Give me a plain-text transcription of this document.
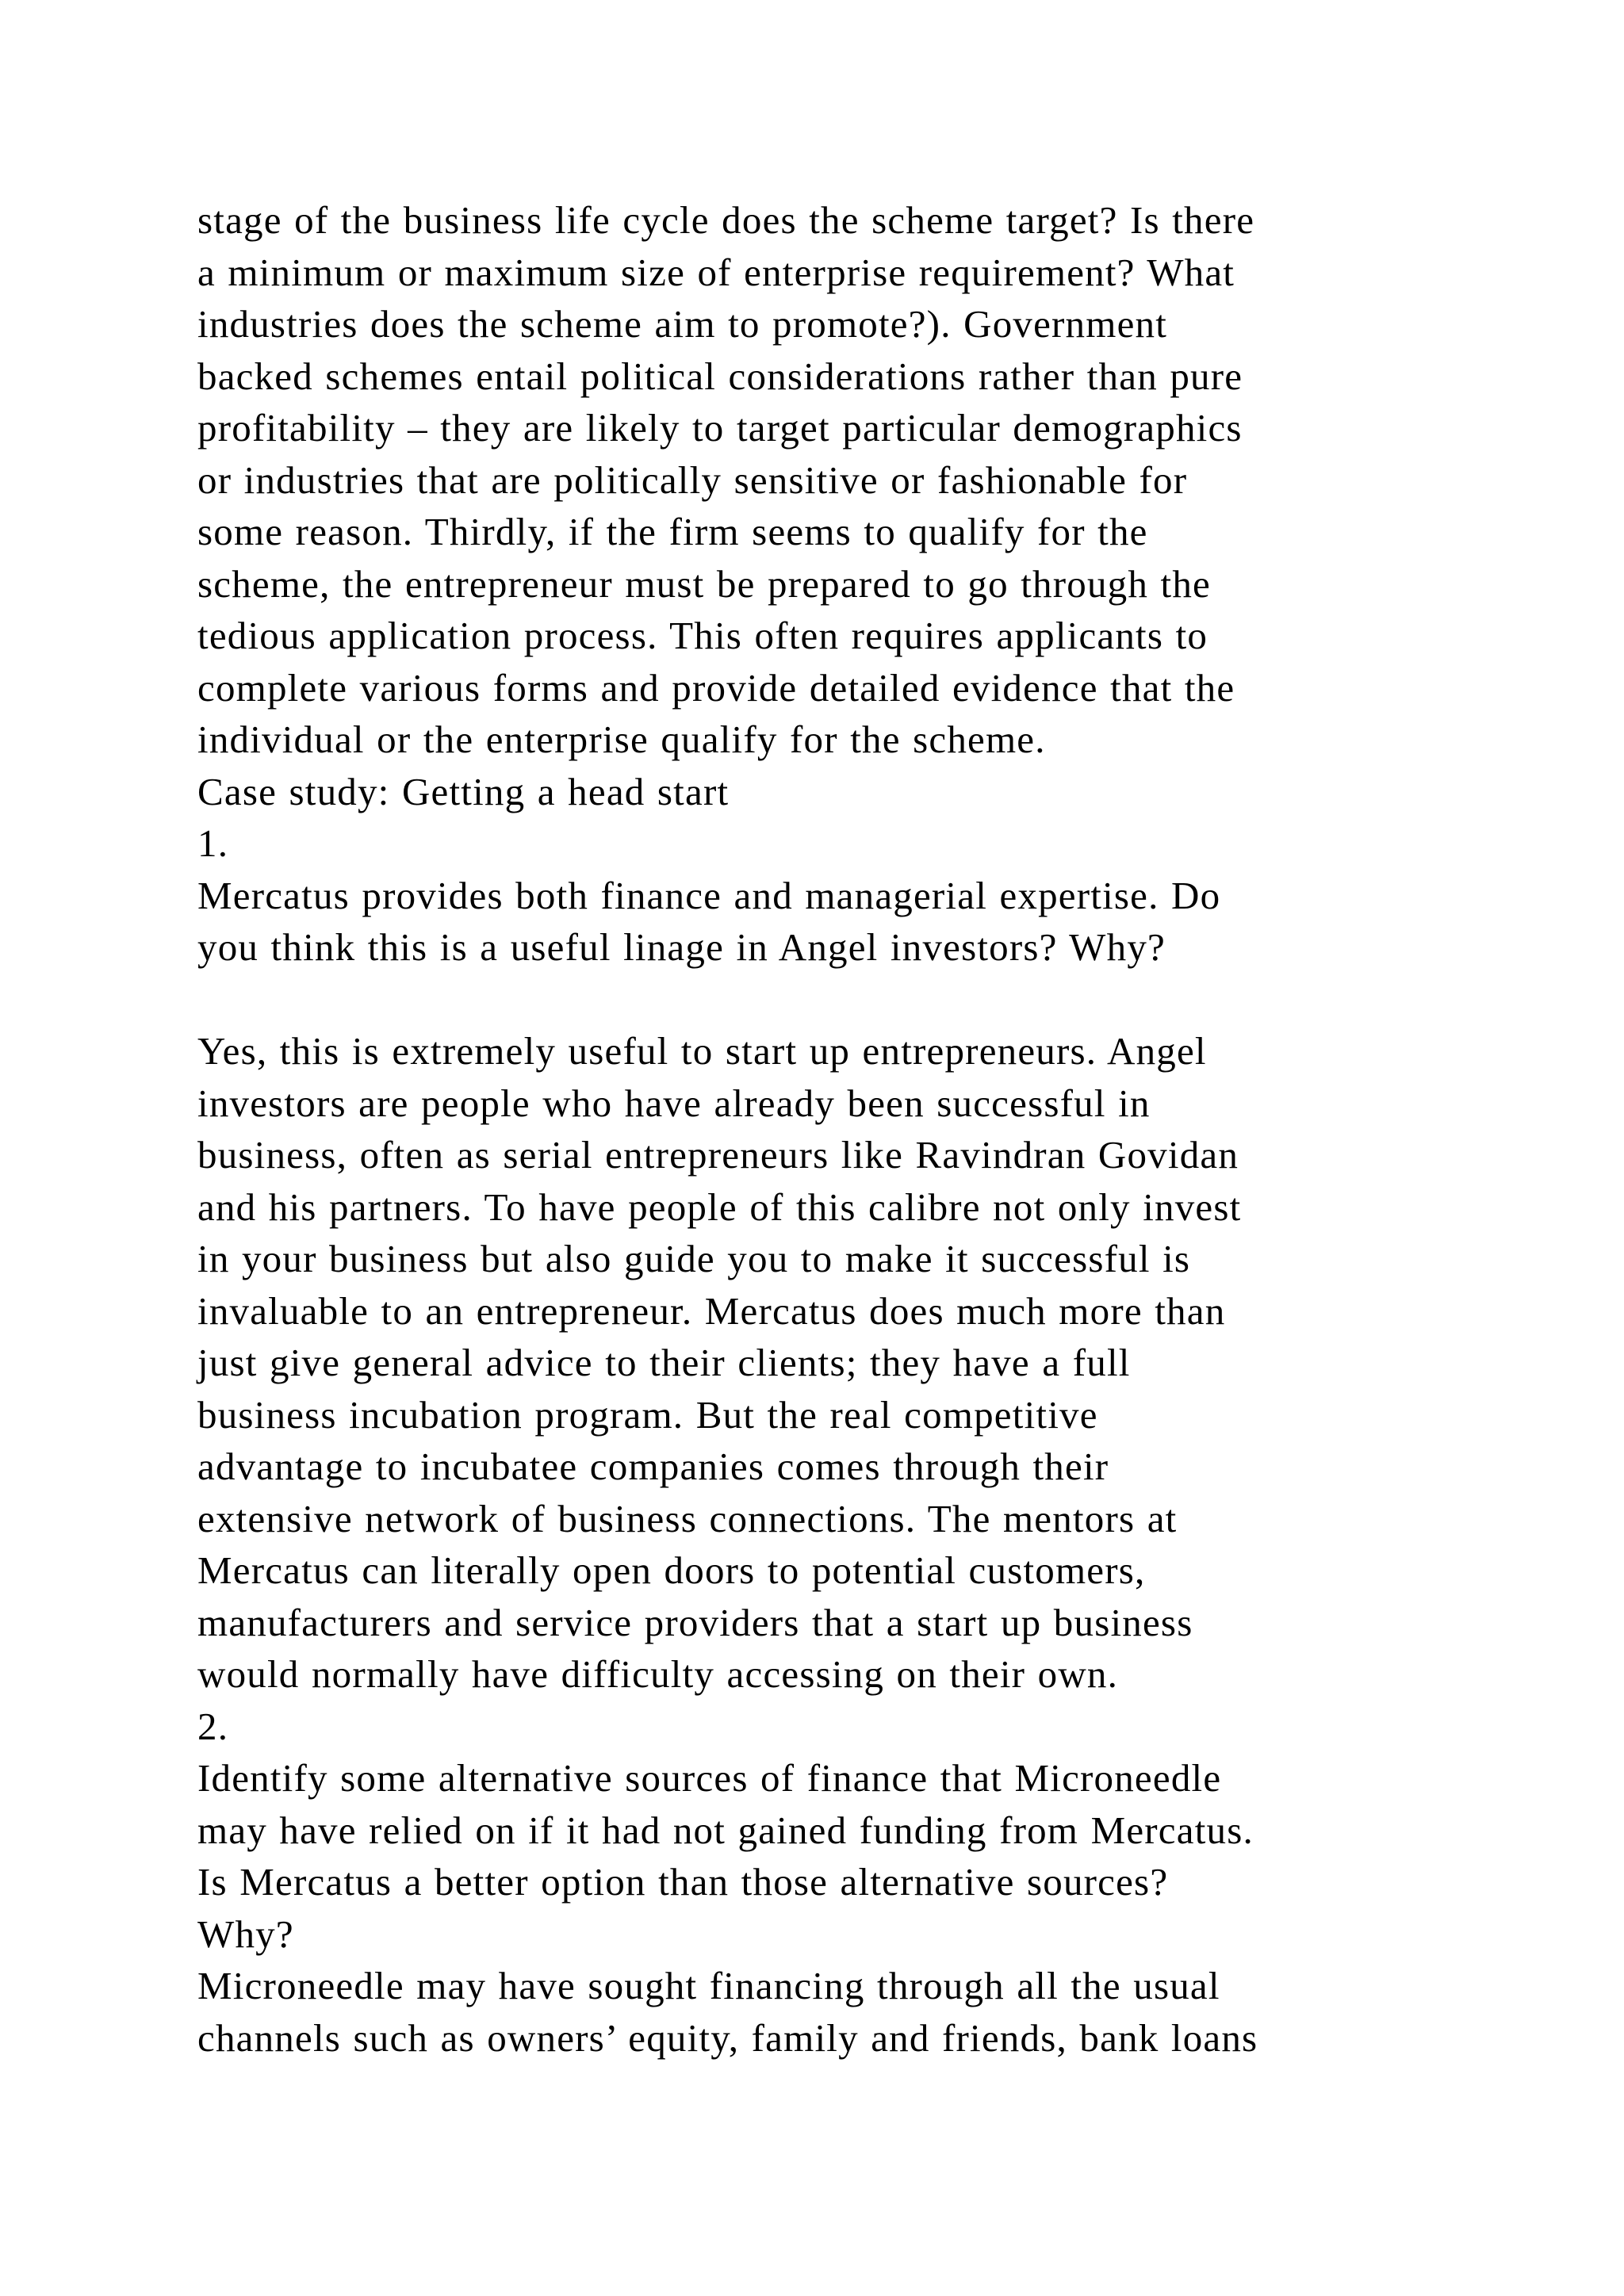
stage of the business life cycle does the scheme target? Is there
a minimum or maximum size of enterprise requirement? What
industries does the scheme aim to promote?). Government
backed schemes entail political considerations rather than pure
profitability – they are likely to target particular demographics
or industries that are politically sensitive or fashionable for
some reason. Thirdly, if the firm seems to qualify for the
scheme, the entrepreneur must be prepared to go through the
tedious application process. This often requires applicants to
complete various forms and provide detailed evidence that the
individual or the enterprise qualify for the scheme.
Case study: Getting a head start
1.
Mercatus provides both finance and managerial expertise. Do
you think this is a useful linage in Angel investors? Why?
Yes, this is extremely useful to start up entrepreneurs. Angel
investors are people who have already been successful in
business, often as serial entrepreneurs like Ravindran Govidan
and his partners. To have people of this calibre not only invest
in your business but also guide you to make it successful is
invaluable to an entrepreneur. Mercatus does much more than
just give general advice to their clients; they have a full
business incubation program. But the real competitive
advantage to incubatee companies comes through their
extensive network of business connections. The mentors at
Mercatus can literally open doors to potential customers,
manufacturers and service providers that a start up business
would normally have difficulty accessing on their own.
2.
Identify some alternative sources of finance that Microneedle
may have relied on if it had not gained funding from Mercatus.
Is Mercatus a better option than those alternative sources?
Why?
Microneedle may have sought financing through all the usual
channels such as owners’ equity, family and friends, bank loans
